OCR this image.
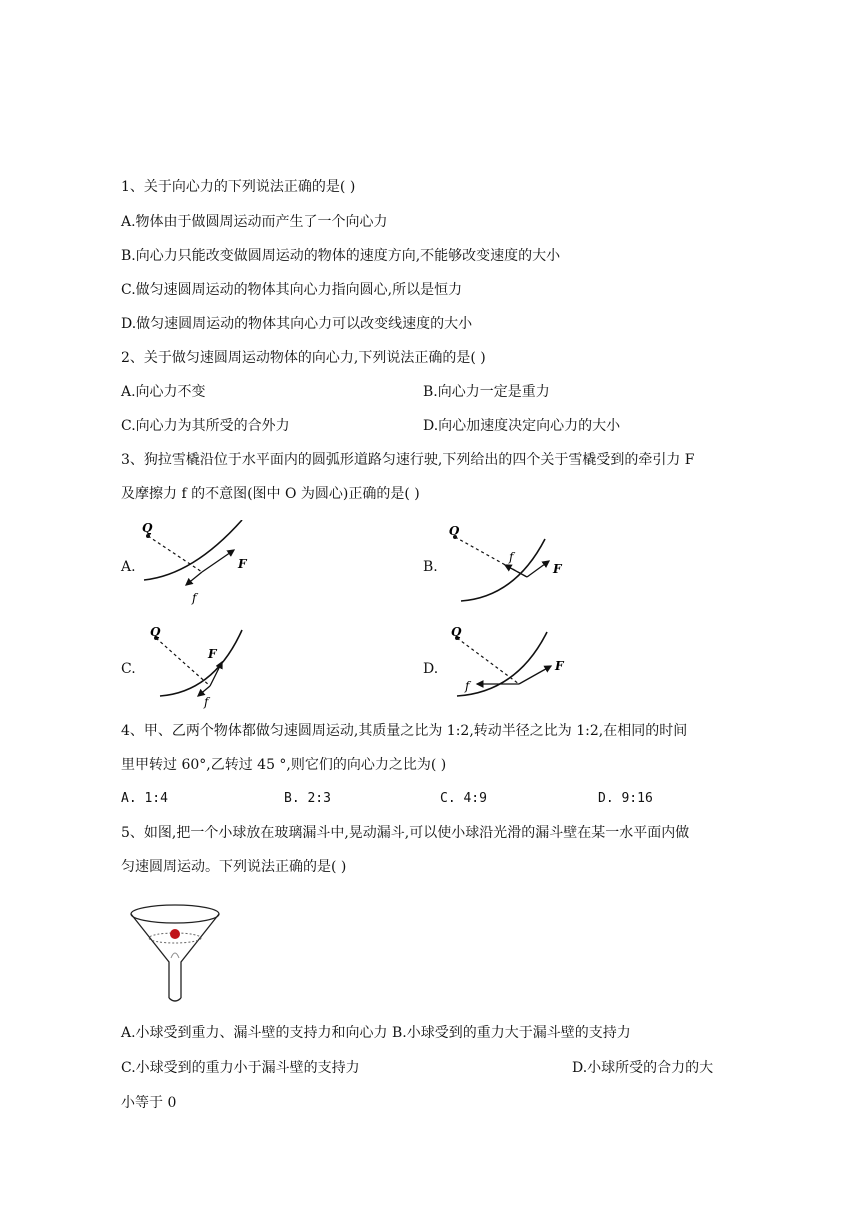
1、关于向心力的下列说法正确的是( )
A.物体由于做圆周运动而产生了一个向心力
B.向心力只能改变做圆周运动的物体的速度方向,不能够改变速度的大小
C.做匀速圆周运动的物体其向心力指向圆心,所以是恒力
D.做匀速圆周运动的物体其向心力可以改变线速度的大小
2、关于做匀速圆周运动物体的向心力,下列说法正确的是( )
A.向心力不变	B.向心力一定是重力
C.向心力为其所受的合外力	D.向心加速度决定向心力的大小
3、狗拉雪橇沿位于水平面内的圆弧形道路匀速行驶,下列给出的四个关于雪橇受到的牵引力 F
及摩擦力 f 的不意图(图中 O 为圆心)正确的是( )
A.	B.
C.	D.
Q
F
f
O
F
f
Q
F
f
Q
F
f
4、甲、乙两个物体都做匀速圆周运动,其质量之比为 1:2,转动半径之比为 1:2,在相同的时间
里甲转过 60°,乙转过 45 °,则它们的向心力之比为( )
A. 1:4	B. 2:3	C. 4:9	D. 9:16
5、如图,把一个小球放在玻璃漏斗中,晃动漏斗,可以使小球沿光滑的漏斗壁在某一水平面内做
匀速圆周运动。下列说法正确的是( )
A.小球受到重力、漏斗壁的支持力和向心力 B.小球受到的重力大于漏斗壁的支持力
C.小球受到的重力小于漏斗壁的支持力	D.小球所受的合力的大
小等于 0
